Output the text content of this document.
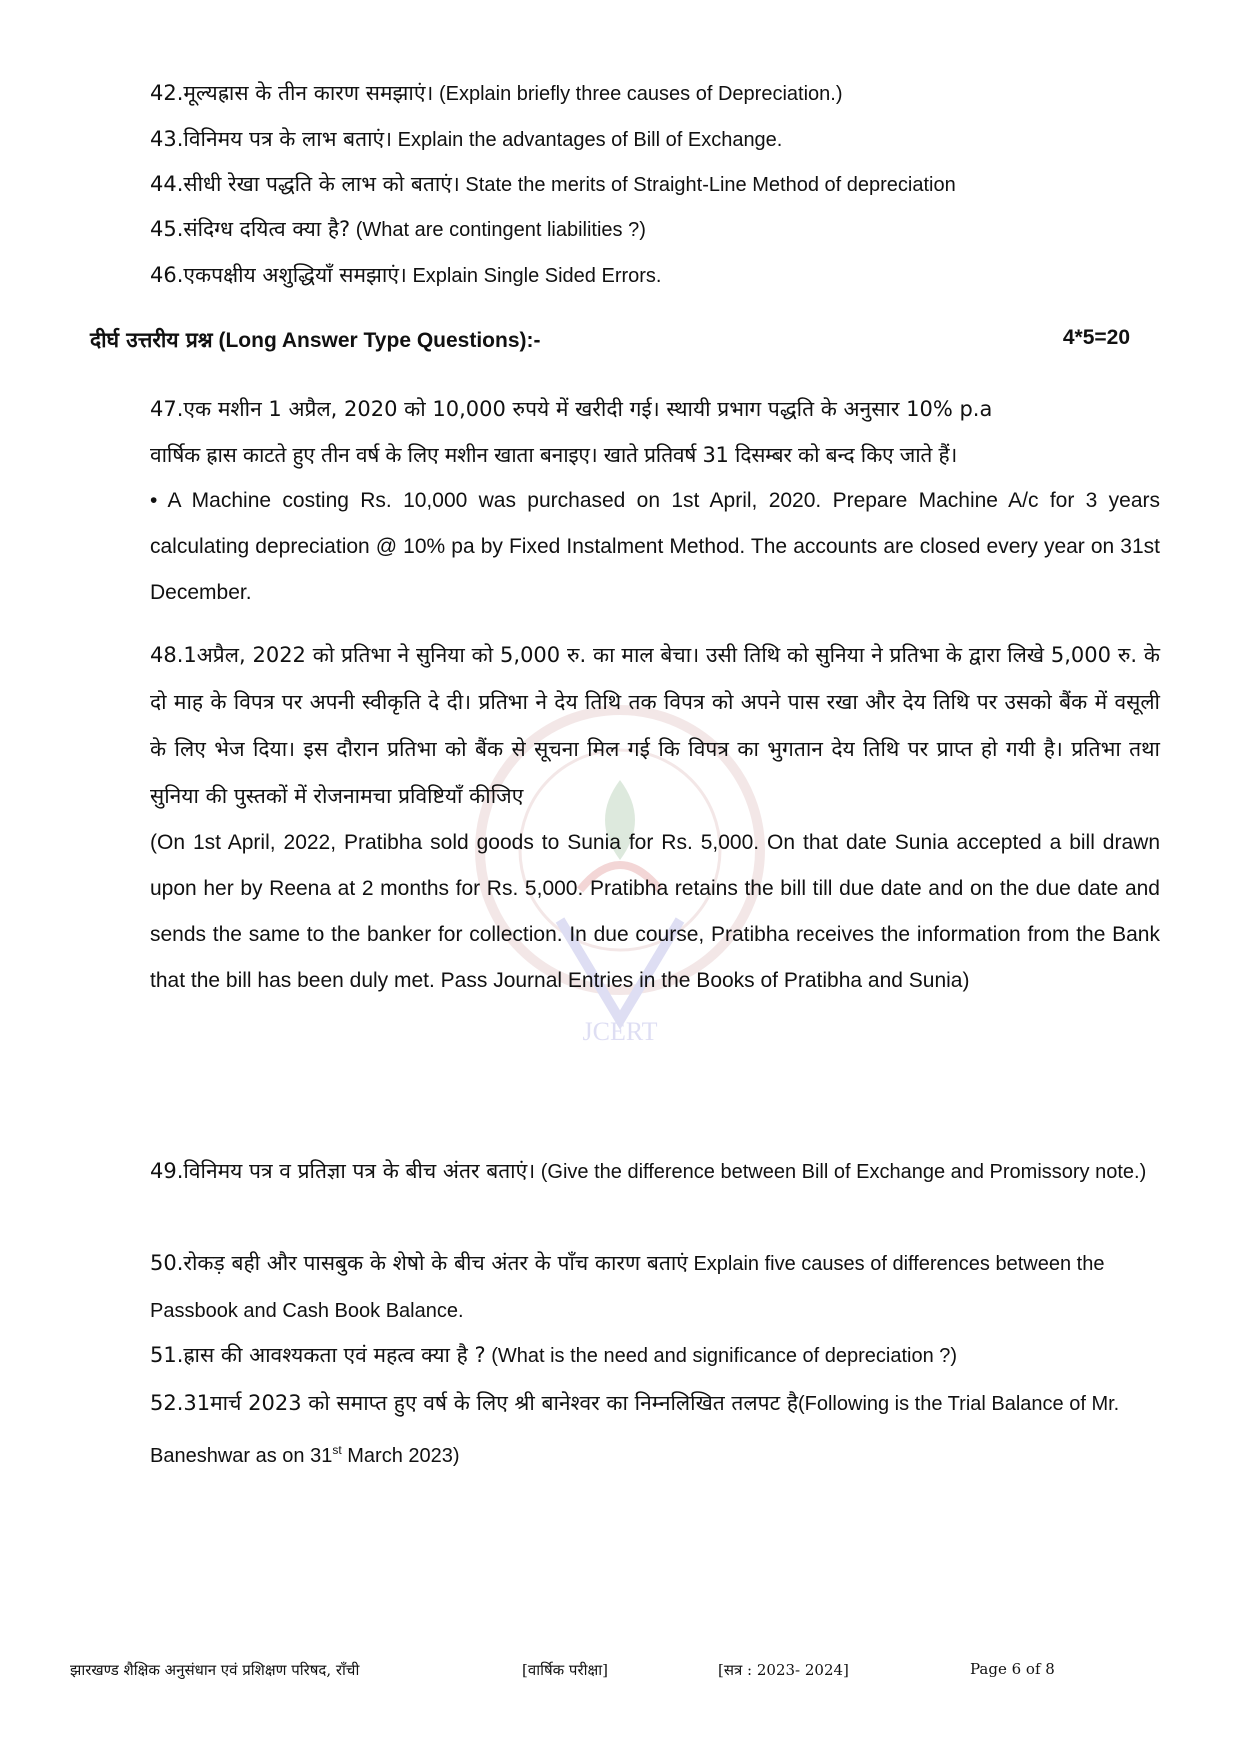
JCERT

42.मूल्यह्रास के तीन कारण समझाएं। (Explain briefly three causes of Depreciation.)

43.विनिमय पत्र के लाभ बताएं। Explain the advantages of Bill of Exchange.

44.सीधी रेखा पद्धति के लाभ को बताएं। State the merits of Straight-Line Method of depreciation

45.संदिग्ध दयित्व क्या है? (What are contingent liabilities ?)

46.एकपक्षीय अशुद्धियाँ समझाएं। Explain Single Sided Errors.

दीर्घ उत्तरीय प्रश्न (Long Answer Type Questions):-	4*5=20

47.एक मशीन 1 अप्रैल, 2020 को 10,000 रुपये में खरीदी गई। स्थायी प्रभाग पद्धति के अनुसार 10% p.a

वार्षिक ह्रास काटते हुए तीन वर्ष के लिए मशीन खाता बनाइए। खाते प्रतिवर्ष 31 दिसम्बर को बन्द किए जाते हैं।

• A Machine costing Rs. 10,000 was purchased on 1st April, 2020. Prepare Machine A/c for 3 years calculating depreciation @ 10% pa by Fixed Instalment Method. The accounts are closed every year on 31st December.

48.1अप्रैल, 2022 को प्रतिभा ने सुनिया को 5,000 रु. का माल बेचा। उसी तिथि को सुनिया ने प्रतिभा के द्वारा लिखे 5,000 रु. के दो माह के विपत्र पर अपनी स्वीकृति दे दी। प्रतिभा ने देय तिथि तक विपत्र को अपने पास रखा और देय तिथि पर उसको बैंक में वसूली के लिए भेज दिया। इस दौरान प्रतिभा को बैंक से सूचना मिल गई कि विपत्र का भुगतान देय तिथि पर प्राप्त हो गयी है। प्रतिभा तथा सुनिया की पुस्तकों में रोजनामचा प्रविष्टियाँ कीजिए

(On 1st April, 2022, Pratibha sold goods to Sunia for Rs. 5,000. On that date Sunia accepted a bill drawn upon her by Reena at 2 months for Rs. 5,000. Pratibha retains the bill till due date and on the due date and sends the same to the banker for collection. In due course, Pratibha receives the information from the Bank that the bill has been duly met. Pass Journal Entries in the Books of Pratibha and Sunia)

49.विनिमय पत्र व प्रतिज्ञा पत्र के बीच अंतर बताएं। (Give the difference between Bill of Exchange and Promissory note.)

50.रोकड़ बही और पासबुक के शेषो के बीच अंतर के पाँच कारण बताएं Explain five causes of differences between the Passbook and Cash Book Balance.

51.ह्रास की आवश्यकता एवं महत्व क्या है ? (What is the need and significance of depreciation ?)

52.31मार्च 2023 को समाप्त हुए वर्ष के लिए श्री बानेश्वर का निम्नलिखित तलपट है(Following is the Trial Balance of Mr. Baneshwar as on 31st March 2023)

झारखण्ड शैक्षिक अनुसंधान एवं प्रशिक्षण परिषद, राँची	[वार्षिक परीक्षा]	[सत्र : 2023- 2024]	Page 6 of 8
